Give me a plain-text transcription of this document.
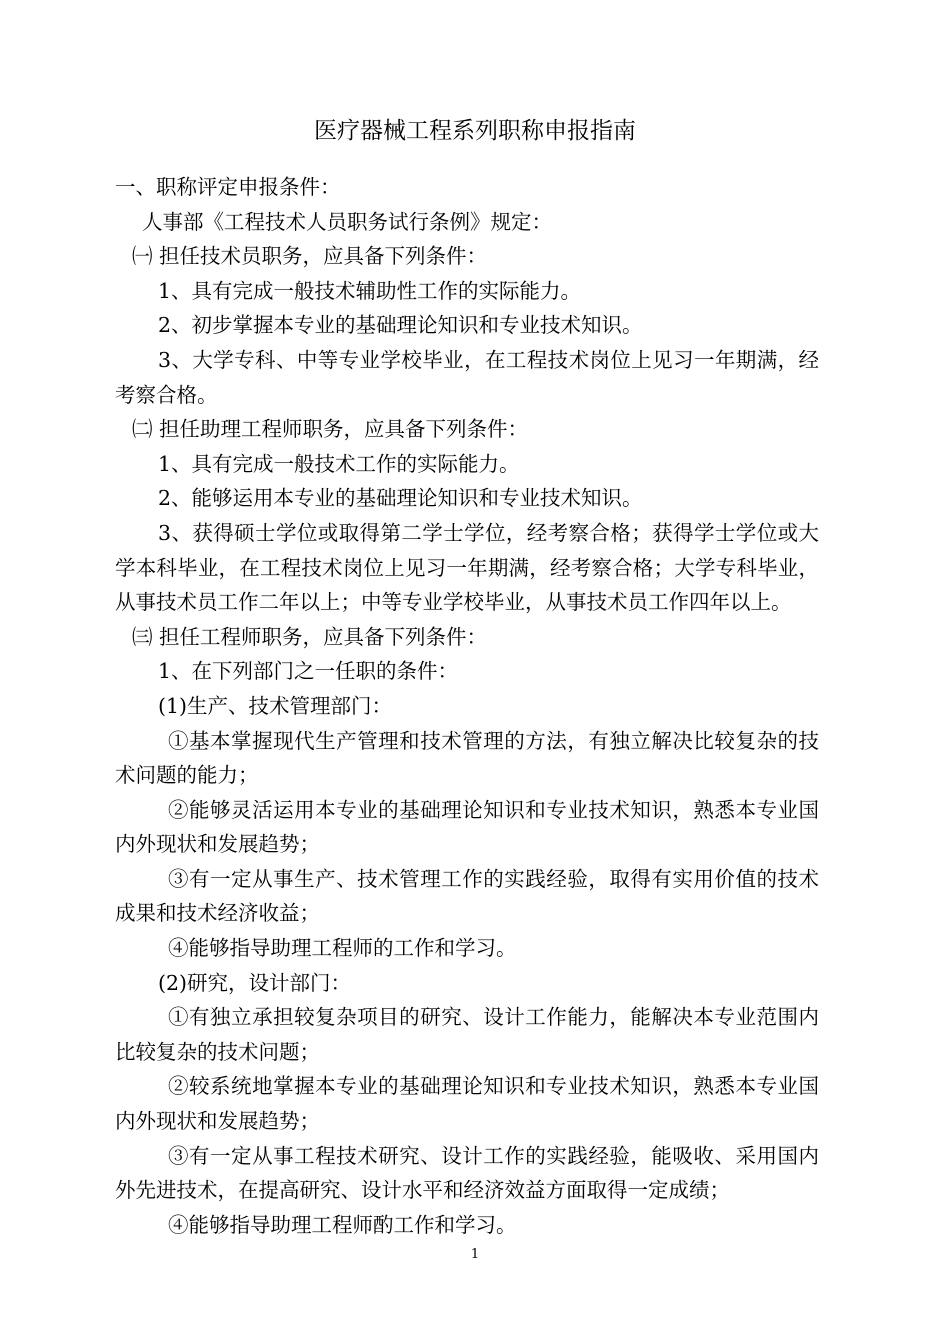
医疗器械工程系列职称申报指南

一、职称评定申报条件：

人事部《工程技术人员职务试行条例》规定：

㈠ 担任技术员职务，应具备下列条件：

1、具有完成一般技术辅助性工作的实际能力。

2、初步掌握本专业的基础理论知识和专业技术知识。

3、大学专科、中等专业学校毕业，在工程技术岗位上见习一年期满，经考察合格。

㈡ 担任助理工程师职务，应具备下列条件：

1、具有完成一般技术工作的实际能力。

2、能够运用本专业的基础理论知识和专业技术知识。

3、获得硕士学位或取得第二学士学位，经考察合格；获得学士学位或大学本科毕业，在工程技术岗位上见习一年期满，经考察合格；大学专科毕业，从事技术员工作二年以上；中等专业学校毕业，从事技术员工作四年以上。

㈢ 担任工程师职务，应具备下列条件：

1、在下列部门之一任职的条件：

(1)生产、技术管理部门：

①基本掌握现代生产管理和技术管理的方法，有独立解决比较复杂的技术问题的能力；

②能够灵活运用本专业的基础理论知识和专业技术知识，熟悉本专业国内外现状和发展趋势；

③有一定从事生产、技术管理工作的实践经验，取得有实用价值的技术成果和技术经济收益；

④能够指导助理工程师的工作和学习。

(2)研究，设计部门：

①有独立承担较复杂项目的研究、设计工作能力，能解决本专业范围内比较复杂的技术问题；

②较系统地掌握本专业的基础理论知识和专业技术知识，熟悉本专业国内外现状和发展趋势；

③有一定从事工程技术研究、设计工作的实践经验，能吸收、采用国内外先进技术，在提高研究、设计水平和经济效益方面取得一定成绩；

④能够指导助理工程师酌工作和学习。

1
